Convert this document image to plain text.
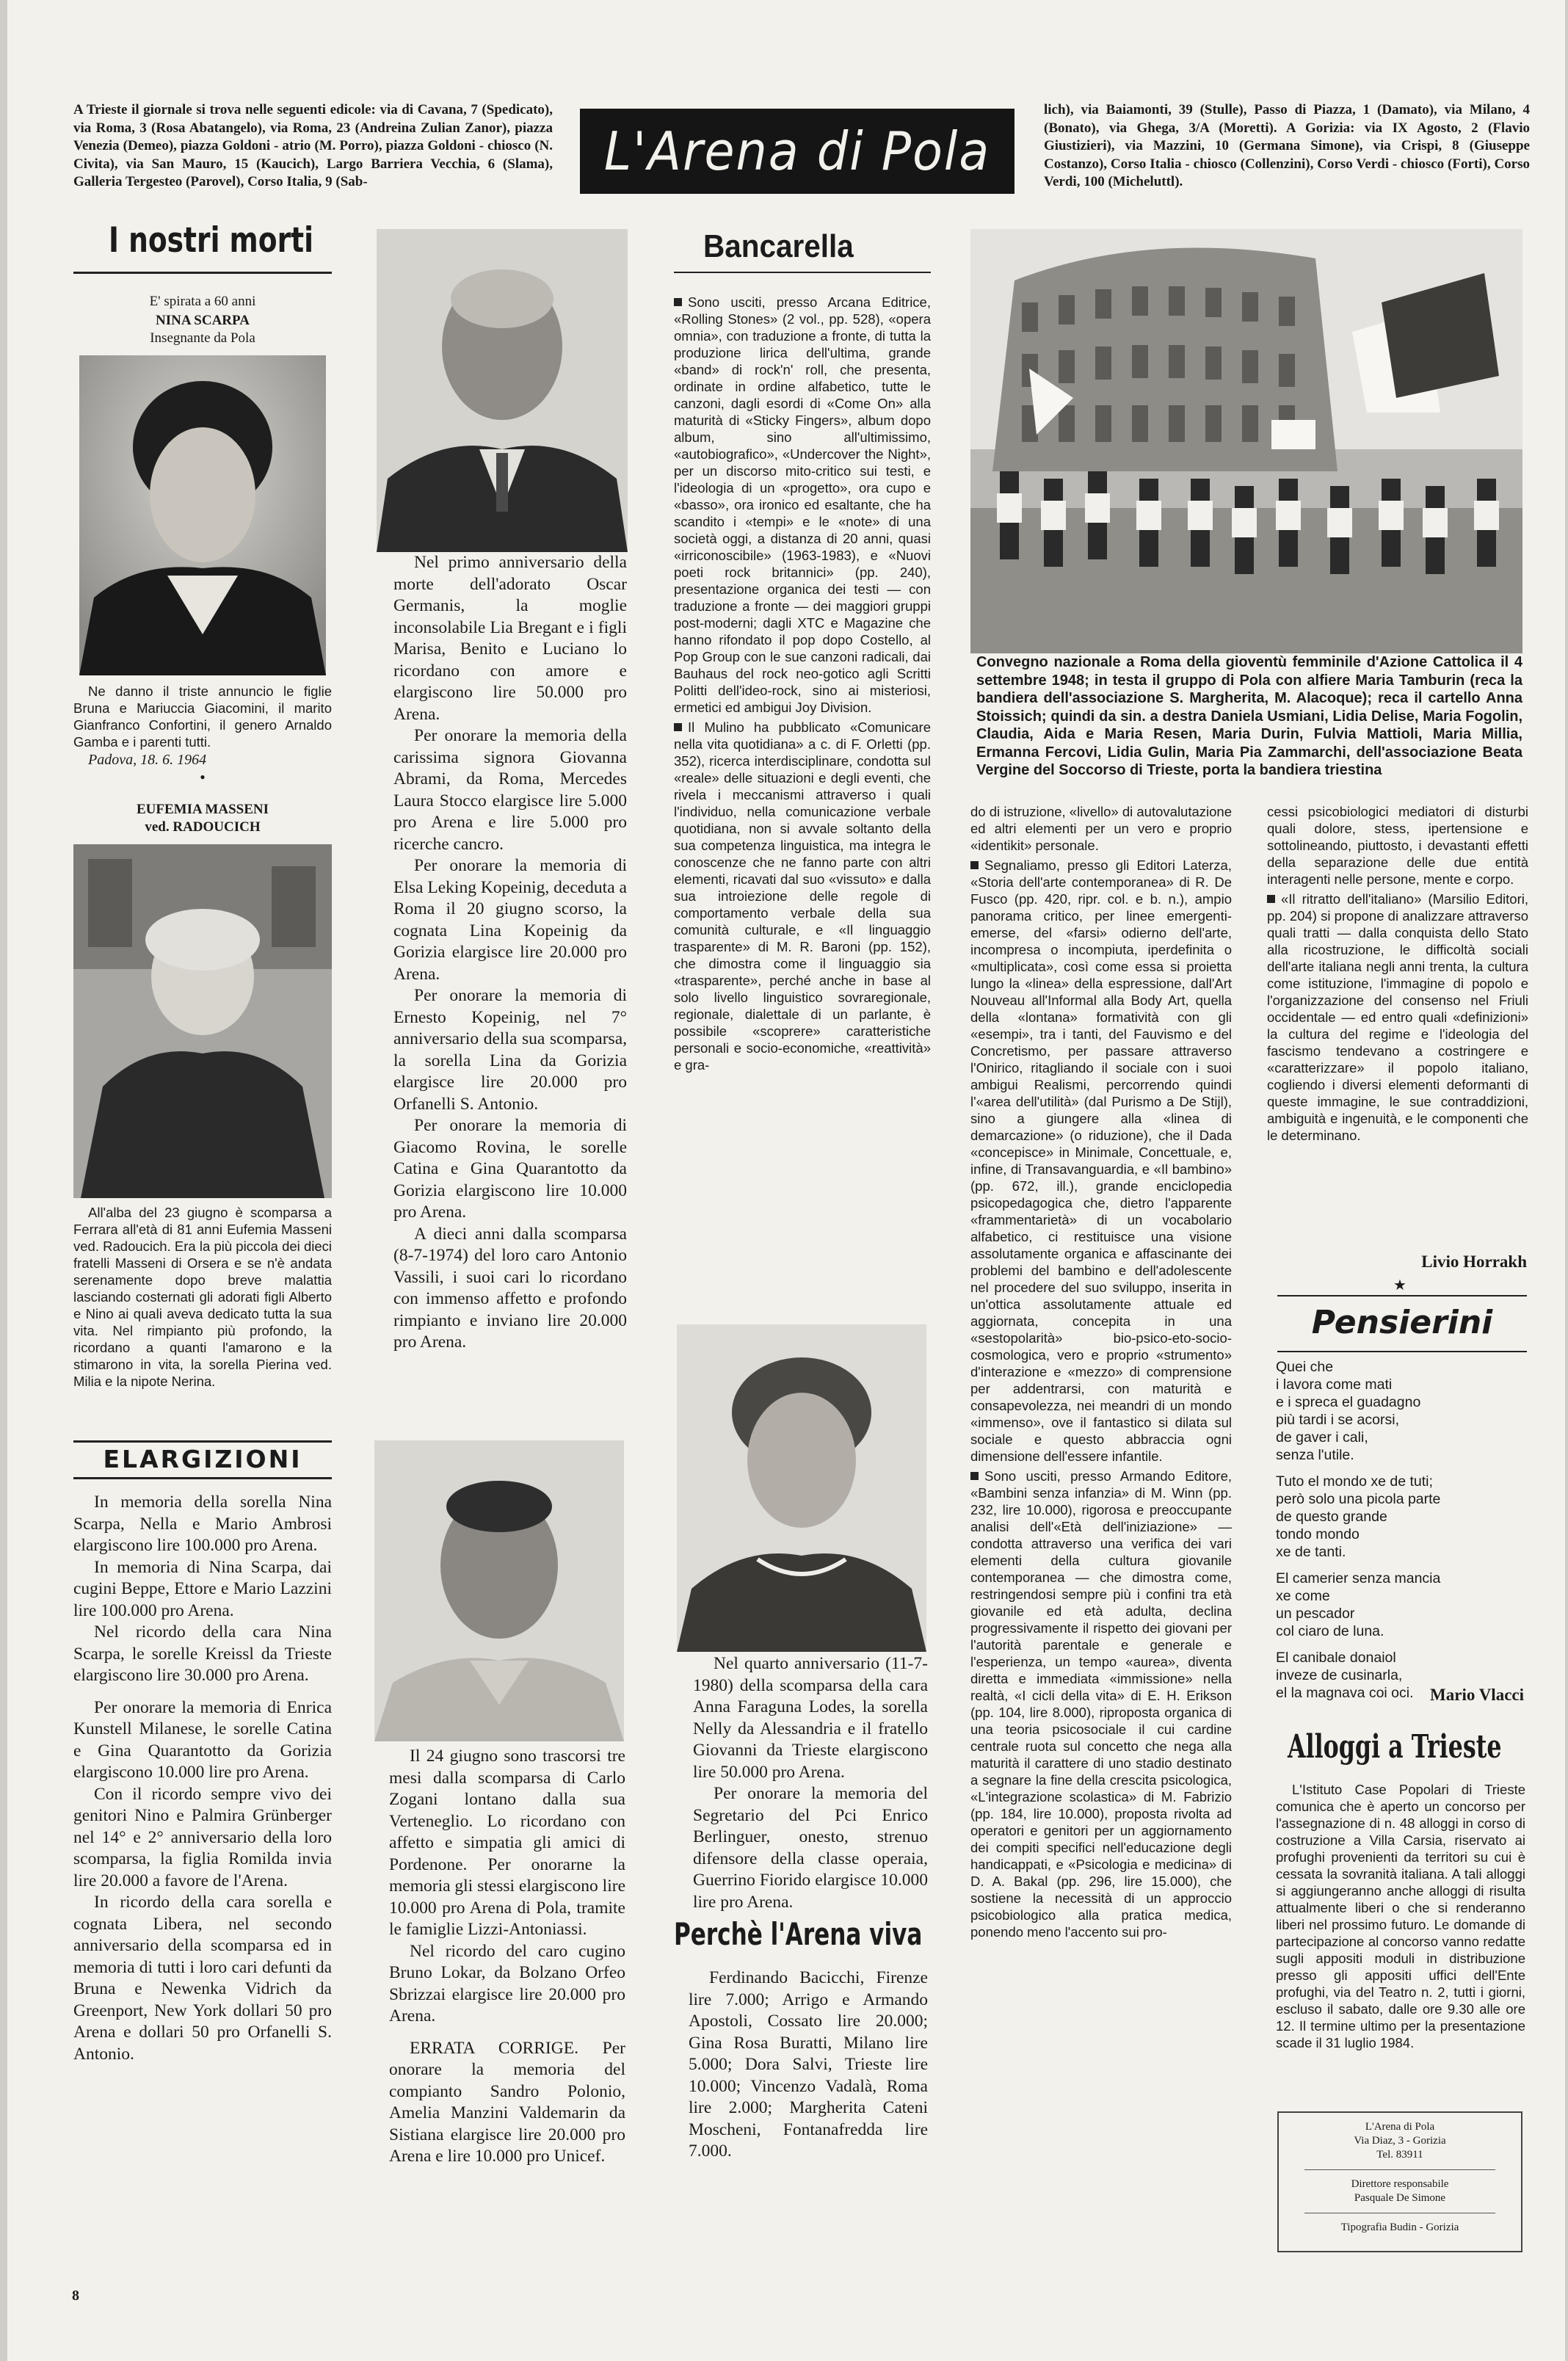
A Trieste il giornale si trova nelle seguenti edicole: via di Cavana, 7 (Spedicato), via Roma, 3 (Rosa Abatangelo), via Roma, 23 (Andreina Zulian Zanor), piazza Venezia (Demeo), piazza Goldoni - atrio (M. Porro), piazza Goldoni - chiosco (N. Civita), via San Mauro, 15 (Kaucich), Largo Barriera Vecchia, 6 (Slama), Galleria Tergesteo (Parovel), Corso Italia, 9 (Sab-	L'Arena di Pola
lich), via Baiamonti, 39 (Stulle), Passo di Piazza, 1 (Damato), via Milano, 4 (Bonato), via Ghega, 3/A (Moretti). A Gorizia: via IX Agosto, 2 (Flavio Giustizieri), via Mazzini, 10 (Germana Simone), via Crispi, 8 (Giuseppe Costanzo), Corso Italia - chiosco (Collenzini), Corso Verdi - chiosco (Forti), Corso Verdi, 100 (Micheluttl).
I nostri morti
E' spirata a 60 anni
NINA SCARPA
Insegnante da Pola
Ne danno il triste annuncio le figlie Bruna e Mariuccia Giacomini, il marito Gianfranco Confortini, il genero Arnaldo Gamba e i parenti tutti.
Padova, 18. 6. 1964
•
EUFEMIA MASSENI
ved. RADOUCICH
All'alba del 23 giugno è scomparsa a Ferrara all'età di 81 anni Eufemia Masseni ved. Radoucich. Era la più piccola dei dieci fratelli Masseni di Orsera e se n'è andata serenamente dopo breve malattia lasciando costernati gli adorati figli Alberto e Nino ai quali aveva dedicato tutta la sua vita. Nel rimpianto più profondo, la ricordano a quanti l'amarono e la stimarono in vita, la sorella Pierina ved. Milia e la nipote Nerina.
ELARGIZIONI

In memoria della sorella Nina Scarpa, Nella e Mario Ambrosi elargiscono lire 100.000 pro Arena.

In memoria di Nina Scarpa, dai cugini Beppe, Ettore e Mario Lazzini lire 100.000 pro Arena.

Nel ricordo della cara Nina Scarpa, le sorelle Kreissl da Trieste elargiscono lire 30.000 pro Arena.

Per onorare la memoria di Enrica Kunstell Milanese, le sorelle Catina e Gina Quarantotto da Gorizia elargiscono 10.000 lire pro Arena.

Con il ricordo sempre vivo dei genitori Nino e Palmira Grünberger nel 14° e 2° anniversario della loro scomparsa, la figlia Romilda invia lire 20.000 a favore de l'Arena.

In ricordo della cara sorella e cognata Libera, nel secondo anniversario della scomparsa ed in memoria di tutti i loro cari defunti da Bruna e Newenka Vidrich da Greenport, New York dollari 50 pro Arena e dollari 50 pro Orfanelli S. Antonio.

8

Nel primo anniversario della morte dell'adorato Oscar Germanis, la moglie inconsolabile Lia Bregant e i figli Marisa, Benito e Luciano lo ricordano con amore e elargiscono lire 50.000 pro Arena.

Per onorare la memoria della carissima signora Giovanna Abrami, da Roma, Mercedes Laura Stocco elargisce lire 5.000 pro Arena e lire 5.000 pro ricerche cancro.

Per onorare la memoria di Elsa Leking Kopeinig, deceduta a Roma il 20 giugno scorso, la cognata Lina Kopeinig da Gorizia elargisce lire 20.000 pro Arena.

Per onorare la memoria di Ernesto Kopeinig, nel 7° anniversario della sua scomparsa, la sorella Lina da Gorizia elargisce lire 20.000 pro Orfanelli S. Antonio.

Per onorare la memoria di Giacomo Rovina, le sorelle Catina e Gina Quarantotto da Gorizia elargiscono lire 10.000 pro Arena.

A dieci anni dalla scomparsa (8-7-1974) del loro caro Antonio Vassili, i suoi cari lo ricordano con immenso affetto e profondo rimpianto e inviano lire 20.000 pro Arena.

Il 24 giugno sono trascorsi tre mesi dalla scomparsa di Carlo Zogani lontano dalla sua Vertenеglio. Lo ricordano con affetto e simpatia gli amici di Pordenone. Per onorarne la memoria gli stessi elargiscono lire 10.000 pro Arena di Pola, tramite le famiglie Lizzi-Antoniassi.

Nel ricordo del caro cugino Bruno Lokar, da Bolzano Orfeo Sbrizzai elargisce lire 20.000 pro Arena.

ERRATA CORRIGE. Per onorare la memoria del compianto Sandro Polonio, Amelia Manzini Valdemarin da Sistiana elargisce lire 20.000 pro Arena e lire 10.000 pro Unicef.

Bancarella

Sono usciti, presso Arcana Editrice, «Rolling Stones» (2 vol., pp. 528), «opera omnia», con traduzione a fronte, di tutta la produzione lirica dell'ultima, grande «band» di rock'n' roll, che presenta, ordinate in ordine alfabetico, tutte le canzoni, dagli esordi di «Come On» alla maturità di «Sticky Fingers», album dopo album, sino all'ultimissimo, «autobiografico», «Undercover the Night», per un discorso mito-critico sui testi, e l'ideologia di un «progetto», ora cupo e «basso», ora ironico ed esaltante, che ha scandito i «tempi» e le «note» di una società oggi, a distanza di 20 anni, quasi «irriconoscibile» (1963-1983), e «Nuovi poeti rock britannici» (pp. 240), presentazione organica dei testi — con traduzione a fronte — dei maggiori gruppi post-moderni; dagli XTC e Magazine che hanno rifondato il pop dopo Costello, al Pop Group con le sue canzoni radicali, dai Bauhaus del rock neo-gotico agli Scritti Politti dell'ideo-rock, sino ai misteriosi, ermetici ed ambigui Joy Division.

Il Mulino ha pubblicato «Comunicare nella vita quotidiana» a c. di F. Orletti (pp. 352), ricerca interdisciplinare, condotta sul «reale» delle situazioni e degli eventi, che rivela i meccanismi attraverso i quali l'individuo, nella comunicazione verbale quotidiana, non si avvale soltanto della sua competenza linguistica, ma integra le conoscenze che ne fanno parte con altri elementi, ricavati dal suo «vissuto» e dalla sua introiezione delle regole di comportamento verbale della sua comunità culturale, e «Il linguaggio trasparente» di M. R. Baroni (pp. 152), che dimostra come il linguaggio sia «trasparente», perché anche in base al solo livello linguistico sovraregionale, regionale, dialettale di un parlante, è possibile «scoprere» caratteristiche personali e socio-economiche, «reattività» e gra-

Nel quarto anniversario (11-7-1980) della scomparsa della cara Anna Faraguna Lodes, la sorella Nelly da Alessandria e il fratello Giovanni da Trieste elargiscono lire 50.000 pro Arena.

Per onorare la memoria del Segretario del Pci Enrico Berlinguer, onesto, strenuo difensore della classe operaia, Guerrino Fiorido elargisce 10.000 lire pro Arena.

Perchè l'Arena viva

Ferdinando Bacicchi, Firenze lire 7.000; Arrigo e Armando Apostoli, Cossato lire 20.000; Gina Rosa Buratti, Milano lire 5.000; Dora Salvi, Trieste lire 10.000; Vincenzo Vadalà, Roma lire 2.000; Margherita Cateni Moscheni, Fontanafredda lire 7.000.

Convegno nazionale a Roma della gioventù femminile d'Azione Cattolica il 4 settembre 1948; in testa il gruppo di Pola con alfiere Maria Tamburin (reca la bandiera dell'associazione S. Margherita, M. Alacoque); reca il cartello Anna Stoissich; quindi da sin. a destra Daniela Usmiani, Lidia Delise, Maria Fogolin, Claudia, Aida e Maria Resen, Maria Durin, Fulvia Mattioli, Maria Millia, Ermanna Fercovi, Lidia Gulin, Maria Pia Zammarchi, dell'associazione Beata Vergine del Soccorso di Trieste, porta la bandiera triestina

do di istruzione, «livello» di autovalutazione ed altri elementi per un vero e proprio «identikit» personale.

Segnaliamo, presso gli Editori Laterza, «Storia dell'arte contemporanea» di R. De Fusco (pp. 420, ripr. col. e b. n.), ampio panorama critico, per linee emergenti-emerse, del «farsi» odierno dell'arte, incompresa o incompiuta, iperdefinita o «multiplicata», così come essa si proietta lungo la «linea» della espressione, dall'Art Nouveau all'Informal alla Body Art, quella della «lontana» formatività con gli «esempi», tra i tanti, del Fauvismo e del Concretismo, per passare attraverso l'Onirico, ritagliando il sociale con i suoi ambigui Realismi, percorrendo quindi l'«area dell'utilità» (dal Purismo a De Stijl), sino a giungere alla «linea di demarcazione» (o riduzione), che il Dada «concepisce» in Minimale, Concettuale, e, infine, di Transavanguardia, e «Il bambino» (pp. 672, ill.), grande enciclopedia psicopedagogica che, dietro l'apparente «frammentarietà» di un vocabolario alfabetico, ci restituisce una visione assolutamente organica e affascinante dei problemi del bambino e dell'adolescente nel procedere del suo sviluppo, inserita in un'ottica assolutamente attuale ed aggiornata, concepita in una «sestopolarità» bio-psico-eto-socio-cosmologica, vero e proprio «strumento» d'interazione e «mezzo» di comprensione per addentrarsi, con maturità e consapevolezza, nei meandri di un mondo «immenso», ove il fantastico si dilata sul sociale e questo abbraccia ogni dimensione dell'essere infantile.

Sono usciti, presso Armando Editore, «Bambini senza infanzia» di M. Winn (pp. 232, lire 10.000), rigorosa e preoccupante analisi dell'«Età dell'iniziazione» — condotta attraverso una verifica dei vari elementi della cultura giovanile contemporanea — che dimostra come, restringendosi sempre più i confini tra età giovanile ed età adulta, declina progressivamente il rispetto dei giovani per l'autorità parentale e generale e l'esperienza, un tempo «aurea», diventa diretta e immediata «immissione» nella realtà, «I cicli della vita» di E. H. Erikson (pp. 104, lire 8.000), riproposta organica di una teoria psicosociale il cui cardine centrale ruota sul concetto che nega alla maturità il carattere di uno stadio destinato a segnare la fine della crescita psicologica, «L'integrazione scolastica» di M. Fabrizio (pp. 184, lire 10.000), proposta rivolta ad operatori e genitori per un aggiornamento dei compiti specifici nell'educazione degli handicappati, e «Psicologia e medicina» di D. A. Bakal (pp. 296, lire 15.000), che sostiene la necessità di un approccio psicobiologico alla pratica medica, ponendo meno l'accento sui pro-

cessi psicobiologici mediatori di disturbi quali dolore, stess, ipertensione e sottolineando, piuttosto, i devastanti effetti della separazione delle due entità interagenti nelle persone, mente e corpo.

«Il ritratto dell'italiano» (Marsilio Editori, pp. 204) si propone di analizzare attraverso quali tratti — dalla conquista dello Stato alla ricostruzione, le difficoltà sociali dell'arte italiana negli anni trenta, la cultura come istituzione, l'immagine di popolo e l'organizzazione del consenso nel Friuli occidentale — ed entro quali «definizioni» la cultura del regime e l'ideologia del fascismo tendevano a costringere e «caratterizzare» il popolo italiano, cogliendo i diversi elementi deformanti di queste immagine, le sue contraddizioni, ambiguità e ingenuità, e le componenti che le determinano.

Livio Horrakh
★
Pensierini
Quei che
i lavora come mati
e i spreca el guadagno
più tardi i se acorsi,
de gaver i cali,
senza l'utile.
Tuto el mondo xe de tuti;
però solo una picola parte
de questo grande
tondo mondo
xe de tanti.
El camerier senza mancia
xe come
un pescador
col ciaro de luna.
El canibale donaiol
inveze de cusinarla,
el la magnava coi oci. Mario Vlacci
Alloggi a Trieste
L'Istituto Case Popolari di Trieste comunica che è aperto un concorso per l'assegnazione di n. 48 alloggi in corso di costruzione a Villa Carsia, riservato ai profughi provenienti da territori su cui è cessata la sovranità italiana. A tali alloggi si aggiungeranno anche alloggi di risulta attualmente liberi o che si renderanno liberi nel prossimo futuro. Le domande di partecipazione al concorso vanno redatte sugli appositi moduli in distribuzione presso gli appositi uffici dell'Ente profughi, via del Teatro n. 2, tutti i giorni, escluso il sabato, dalle ore 9.30 alle ore 12. Il termine ultimo per la presentazione scade il 31 luglio 1984.
L'Arena di Pola
Via Diaz, 3 - Gorizia
Tel. 83911
Direttore responsabile
Pasquale De Simone
Tipografia Budin - Gorizia
